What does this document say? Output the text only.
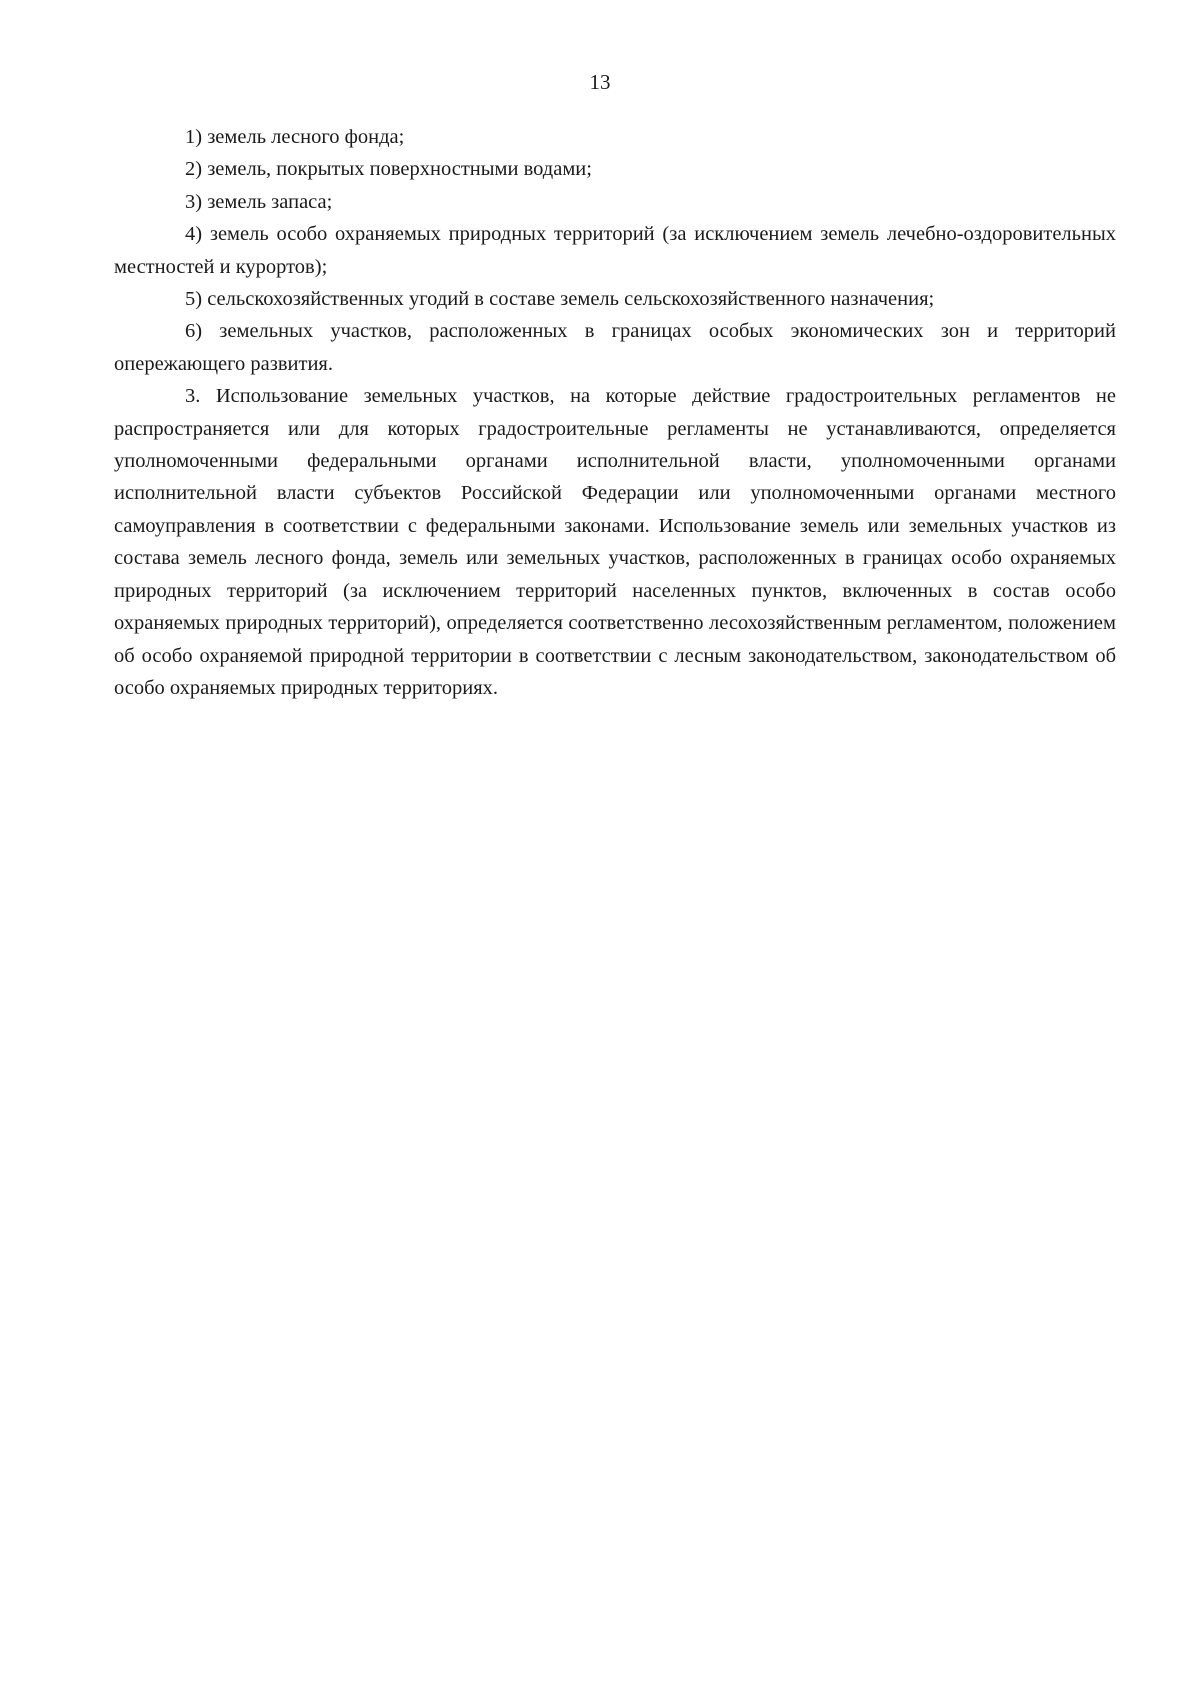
13

1) земель лесного фонда;

2) земель, покрытых поверхностными водами;

3) земель запаса;

4) земель особо охраняемых природных территорий (за исключением земель лечебно-оздоровительных местностей и курортов);

5) сельскохозяйственных угодий в составе земель сельскохозяйственного назначения;

6) земельных участков, расположенных в границах особых экономических зон и территорий опережающего развития.

3. Использование земельных участков, на которые действие градостроительных регламентов не распространяется или для которых градостроительные регламенты не устанавливаются, определяется уполномоченными федеральными органами исполнительной власти, уполномоченными органами исполнительной власти субъектов Российской Федерации или уполномоченными органами местного самоуправления в соответствии с федеральными законами. Использование земель или земельных участков из состава земель лесного фонда, земель или земельных участков, расположенных в границах особо охраняемых природных территорий (за исключением территорий населенных пунктов, включенных в состав особо охраняемых природных территорий), определяется соответственно лесохозяйственным регламентом, положением об особо охраняемой природной территории в соответствии с лесным законодательством, законодательством об особо охраняемых природных территориях.
